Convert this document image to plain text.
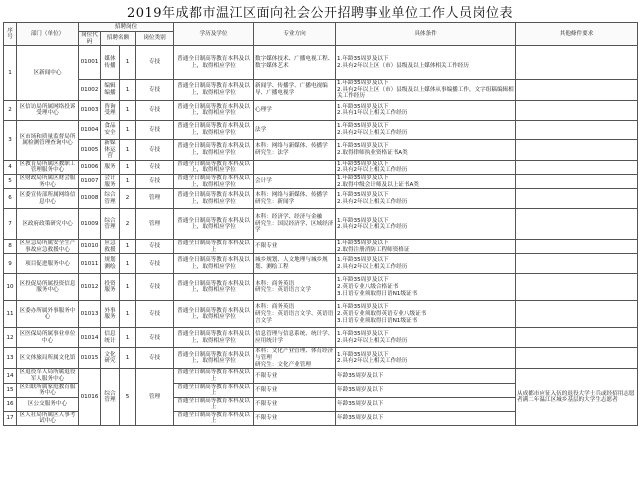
2019年成都市温江区面向社会公开招聘事业单位工作人员岗位表
序号	部门（单位）	招聘岗位				学历及学位	专业方向	具体条件	其他條件要求
		岗位代码	招聘名额		岗位类别				
1	区新闻中心	01001	媒体传播	1	专技	普通全日制高等教育本科及以上，取得相应学位	数字媒体技术、广播电视工程、数字媒体艺术	1.年龄35周岁及以下
2.具有2年以上区（市）县级及以上媒体相关工作经历	
		01002	编辑编播	1	专技	普通全日制高等教育本科及以上，取得相应学位	新闻学、传播学、广播电视编导、广播电视学	1.年龄35周岁及以下
2.具有2年以上区（市）县级及以上媒体从事编播工作，文字组稿编辑相关工作经历	
2	区信访局所属网络投诉受理中心	01003	咨询受理	1	专技	普通全日制高等教育本科及以上，取得相应学位	心理学	1.年龄35周岁及以下
2.具有1年以上相关工作经历	
3	区市场和质量监督局所属检测管理查询中心	01004	食品安全	1	专技	普通全日制高等教育本科及以上，取得相应学位	法学	1.年龄35周岁及以下
2.具有2年以上相关工作经历	
		01005	新媒体运营	1	专技	普通全日制高等教育本科及以上，取得相应学位	本科：网络与新媒体、传播学
研究生：法学	1.年龄35周岁及以下
2.取得律师执业资格证书A类	
4	区教育局所属区教职工管理服务中心	01006	服务	1	专技	普通全日制高等教育本科及以上，取得相应学位		1.年龄35周岁及以下
2.具有2年以上相关工作经历	
5	区财政局所属区财会服务中心	01007	会计服务	1	专技	普通全日制高等教育本科及以上，取得相应学位	会计学	1.年龄35周岁及以下
2.取得中级会计师及以上证书A类	
6	区委宣传部所属网络信息中心	01008	综合管理	2	管理	普通全日制高等教育本科及以上，取得相应学位	本科：网络与新媒体、传播学
研究生：新闻学	1.年龄35周岁及以下
2.具有2年以上相关工作经历	
7	区政府政策研究中心	01009	综合管理	2	管理	普通全日制高等教育本科及以上，取得相应学位	本科：经济学、经济与金融
研究生：国民经济学、区域经济学	1.年龄35周岁及以下
2.具有2年以上相关工作经历	
8	区应急局所属安全生产事故应急救援中心	01010	应急救援	1	专技	普通全日制高等教育本科及以上	不限专业	1.年龄35周岁及以下
2.取得注册消防工程师资格证	
9	项目促进服务中心	01011	规划测绘	1	专技	普通全日制高等教育本科及以上，取得相应学位	城乡规划、人文地理与城乡规划、测绘工程	1.年龄35周岁及以下
2.具有2年以上相关工作经历	
10	区投促局所属投资信息服务中心	01012	投资服务	1	专技	普通全日制高等教育本科及以上，取得相应学位	本科：商务英语
研究生：英语语言文学	1.年龄35周岁及以下
2.英语专业八级合格证书
3.日语专业须取得日语N1级证书	
11	区委办所属外事服务中心	01013	外事服务	1	专技	普通全日制高等教育本科及以上，取得相应学位	本科：商务英语
研究生：英语语言文学、英语语言文学	1.年龄35周岁及以下
2.英语专业须取得英语专业八级证书
3.日语专业须取得日语N1级证书	
12	区医保局所属事业单位中心	01014	信息统计	1	专技	普通全日制高等教育本科及以上，取得相应学位	信息管理与信息系统、统计学、应用统计学	1.年龄35周岁及以下
2.具有2年以上相关工作经历	
13	区文体旅局所属文化馆	01015	文化研究	1	专技	普通全日制高等教育本科及以上，取得相应学位	本科：文化产业管理、体育经济与管理
研究生：文化产业管理	1.年龄35周岁及以下
2.具有2年以上相关工作经历	
14	区退役军人局所属退役军人服务中心	01016	综合管理	5	管理	普通全日制高等教育本科及以上	不限专业	年龄35周岁及以下	从成都市应征入伍的退役大学士兵或经招用志愿者满二年温江区城乡基层的大学生志愿者
15	区妇联所属家庭教育服务中心					普通全日制高等教育本科及以上	不限专业	年龄35周岁及以下	
16	区公交服务中心					普通全日制高等教育本科及以上	不限专业	年龄35周岁及以下	
17	区人社局所属区人事考试中心					普通全日制高等教育本科及以上	不限专业	年龄35周岁及以下	
